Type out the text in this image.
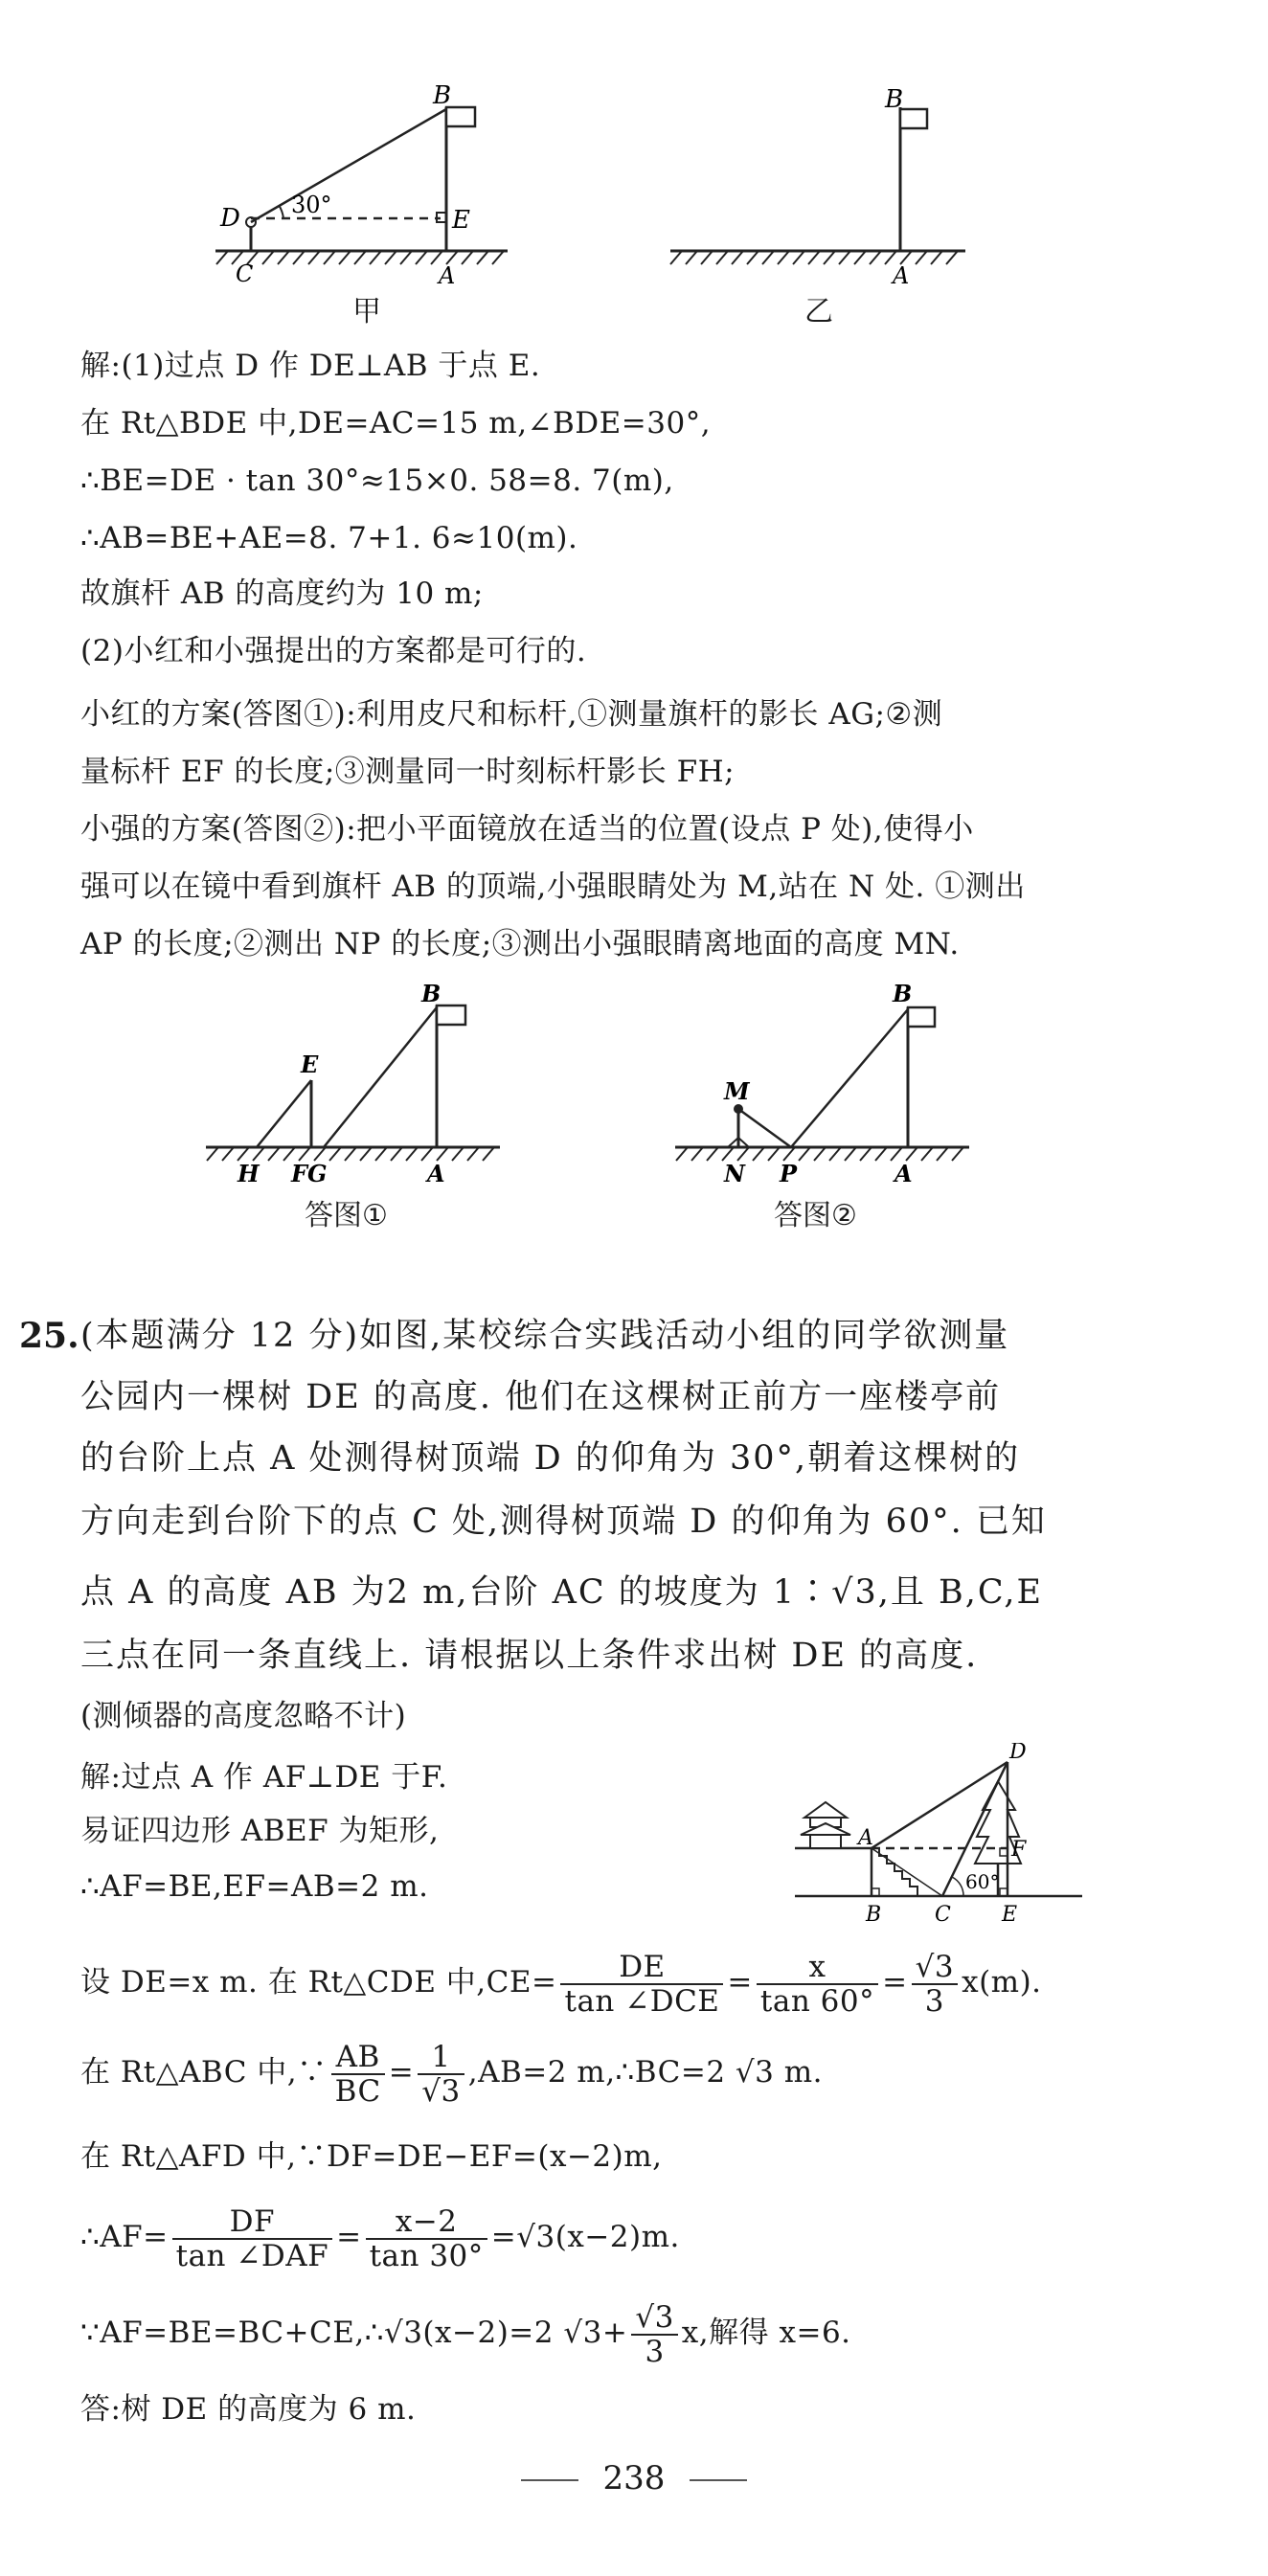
B
D
C
E
A
30°
B
A
甲	乙
解:(1)过点 D 作 DE⊥AB 于点 E.
在 Rt△BDE 中,DE=AC=15 m,∠BDE=30°,
∴BE=DE · tan 30°≈15×0. 58=8. 7(m),
∴AB=BE+AE=8. 7+1. 6≈10(m).
故旗杆 AB 的高度约为 10 m;
(2)小红和小强提出的方案都是可行的.
小红的方案(答图①):利用皮尺和标杆,①测量旗杆的影长 AG;②测
量标杆 EF 的长度;③测量同一时刻标杆影长 FH;
小强的方案(答图②):把小平面镜放在适当的位置(设点 P 处),使得小
强可以在镜中看到旗杆 AB 的顶端,小强眼睛处为 M,站在 N 处. ①测出
AP 的长度;②测出 NP 的长度;③测出小强眼睛离地面的高度 MN.
B
E
H FG	A
B
M
N P	A
答图①	答图②
25. (本题满分 12 分)如图,某校综合实践活动小组的同学欲测量
公园内一棵树 DE 的高度. 他们在这棵树正前方一座楼亭前
的台阶上点 A 处测得树顶端 D 的仰角为 30°,朝着这棵树的
方向走到台阶下的点 C 处,测得树顶端 D 的仰角为 60°. 已知
点 A 的高度 AB 为2 m,台阶 AC 的坡度为 1∶√3,且 B,C,E
三点在同一条直线上. 请根据以上条件求出树 DE 的高度.
(测倾器的高度忽略不计)
D
A	F
B	C E
60°
解:过点 A 作 AF⊥DE 于F.
易证四边形 ABEF 为矩形,
∴AF=BE,EF=AB=2 m.
设 DE=x m. 在 Rt△CDE 中$,CE= \frac{DE}{\text{tan ∠DCE}} = \frac{x}{\tan 60^\circ} = \frac{√3}{3} x(m)$.
在 Rt△ABC 中,∵ $\frac{AB}{BC} = \frac{1}{√3} ,AB=2$ m,∴BC=2 √3 m.
在 Rt△AFD 中,∵DF=DE−EF=(x−2)m,
∴AF= $\frac{DF}{\text{tan ∠DAF}} = \frac{x-2}{\tan 30^\circ} =√3(x-2)m$.
∵AF=BE=BC+CE,∴√3(x−2)=2 $√3+ \frac{√3}{3} x$,解得 x=6.
答:树 DE 的高度为 6 m.
238
